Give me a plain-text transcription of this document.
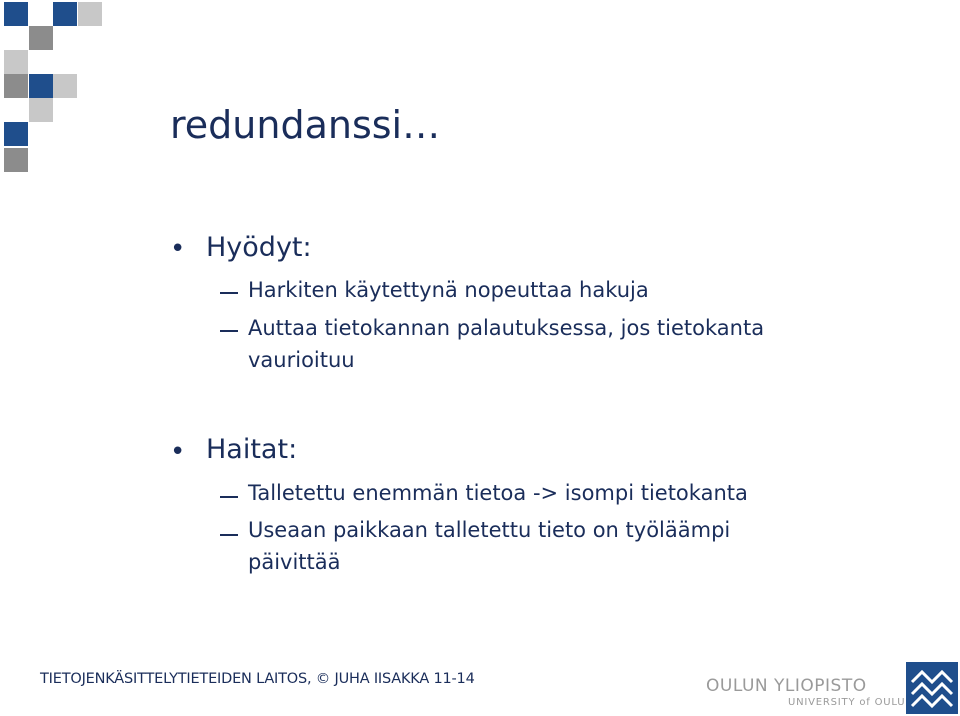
redundanssi…
• Hyödyt:
Harkiten käytettynä nopeuttaa hakuja
Auttaa tietokannan palautuksessa, jos tietokanta
vaurioituu
• Haitat:
Talletettu enemmän tietoa -> isompi tietokanta
Useaan paikkaan talletettu tieto on työläämpi
päivittää
TIETOJENKÄSITTELYTIETEIDEN LAITOS, © JUHA IISAKKA 11-14	OULUN YLIOPISTO
UNIVERSITY of OULU
